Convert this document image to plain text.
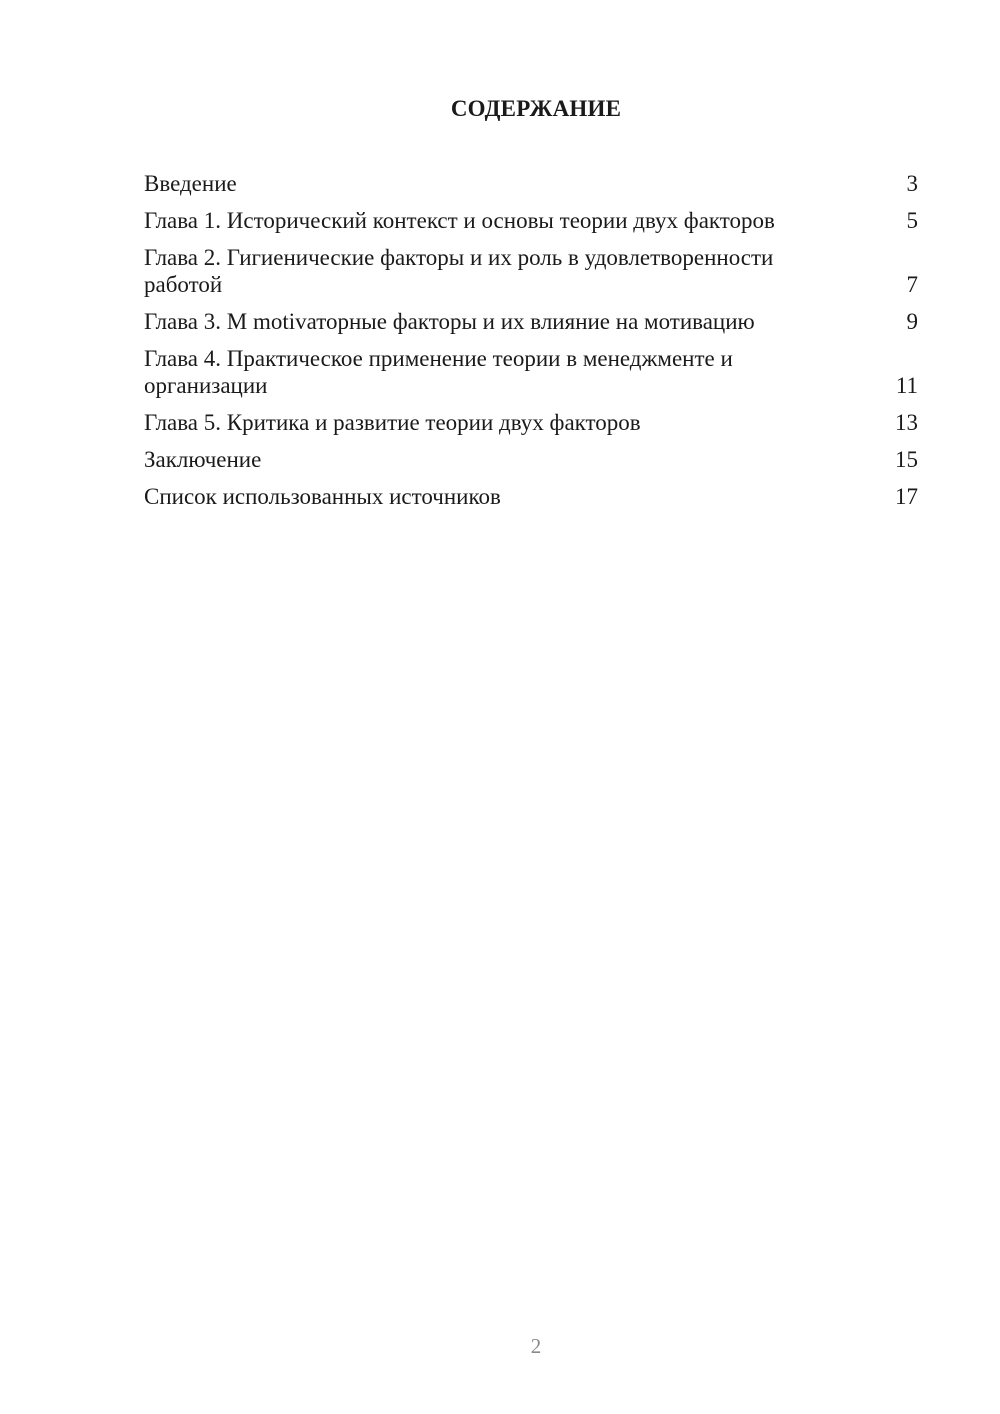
СОДЕРЖАНИЕ
Введение	3
Глава 1. Исторический контекст и основы теории двух факторов	5
Глава 2. Гигиенические факторы и их роль в удовлетворенности работой	7
Глава 3. M motivаторные факторы и их влияние на мотивацию	9
Глава 4. Практическое применение теории в менеджменте и организации	11
Глава 5. Критика и развитие теории двух факторов	13
Заключение	15
Список использованных источников	17
2
